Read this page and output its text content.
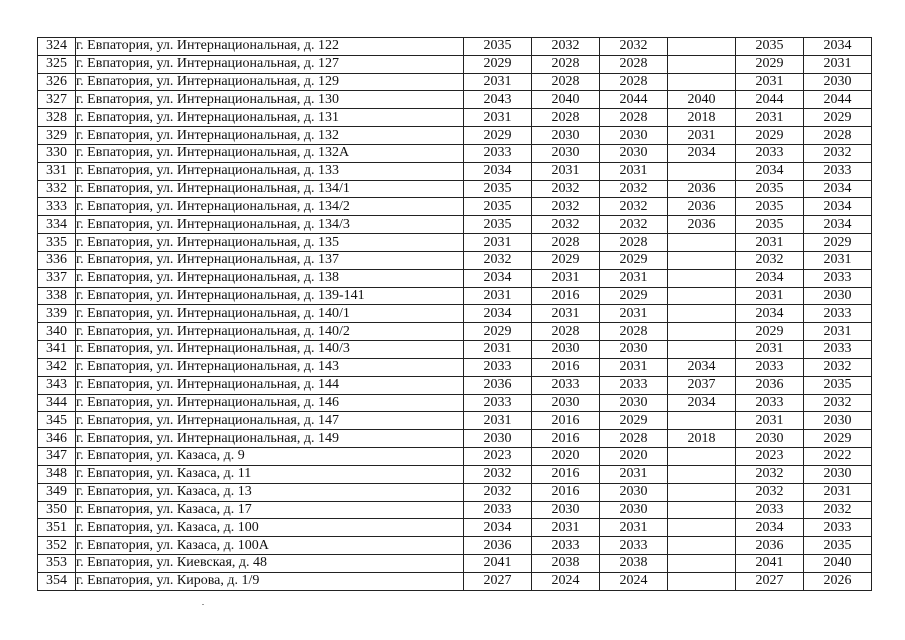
324	г. Евпатория, ул. Интернациональная, д. 122	2035	2032	2032		2035	2034
325	г. Евпатория, ул. Интернациональная, д. 127	2029	2028	2028		2029	2031
326	г. Евпатория, ул. Интернациональная, д. 129	2031	2028	2028		2031	2030
327	г. Евпатория, ул. Интернациональная, д. 130	2043	2040	2044	2040	2044	2044
328	г. Евпатория, ул. Интернациональная, д. 131	2031	2028	2028	2018	2031	2029
329	г. Евпатория, ул. Интернациональная, д. 132	2029	2030	2030	2031	2029	2028
330	г. Евпатория, ул. Интернациональная, д. 132А	2033	2030	2030	2034	2033	2032
331	г. Евпатория, ул. Интернациональная, д. 133	2034	2031	2031		2034	2033
332	г. Евпатория, ул. Интернациональная, д. 134/1	2035	2032	2032	2036	2035	2034
333	г. Евпатория, ул. Интернациональная, д. 134/2	2035	2032	2032	2036	2035	2034
334	г. Евпатория, ул. Интернациональная, д. 134/3	2035	2032	2032	2036	2035	2034
335	г. Евпатория, ул. Интернациональная, д. 135	2031	2028	2028		2031	2029
336	г. Евпатория, ул. Интернациональная, д. 137	2032	2029	2029		2032	2031
337	г. Евпатория, ул. Интернациональная, д. 138	2034	2031	2031		2034	2033
338	г. Евпатория, ул. Интернациональная, д. 139-141	2031	2016	2029		2031	2030
339	г. Евпатория, ул. Интернациональная, д. 140/1	2034	2031	2031		2034	2033
340	г. Евпатория, ул. Интернациональная, д. 140/2	2029	2028	2028		2029	2031
341	г. Евпатория, ул. Интернациональная, д. 140/3	2031	2030	2030		2031	2033
342	г. Евпатория, ул. Интернациональная, д. 143	2033	2016	2031	2034	2033	2032
343	г. Евпатория, ул. Интернациональная, д. 144	2036	2033	2033	2037	2036	2035
344	г. Евпатория, ул. Интернациональная, д. 146	2033	2030	2030	2034	2033	2032
345	г. Евпатория, ул. Интернациональная, д. 147	2031	2016	2029		2031	2030
346	г. Евпатория, ул. Интернациональная, д. 149	2030	2016	2028	2018	2030	2029
347	г. Евпатория, ул. Казаса, д. 9	2023	2020	2020		2023	2022
348	г. Евпатория, ул. Казаса, д. 11	2032	2016	2031		2032	2030
349	г. Евпатория, ул. Казаса, д. 13	2032	2016	2030		2032	2031
350	г. Евпатория, ул. Казаса, д. 17	2033	2030	2030		2033	2032
351	г. Евпатория, ул. Казаса, д. 100	2034	2031	2031		2034	2033
352	г. Евпатория, ул. Казаса, д. 100А	2036	2033	2033		2036	2035
353	г. Евпатория, ул. Киевская, д. 48	2041	2038	2038		2041	2040
354	г. Евпатория, ул. Кирова, д. 1/9	2027	2024	2024		2027	2026
